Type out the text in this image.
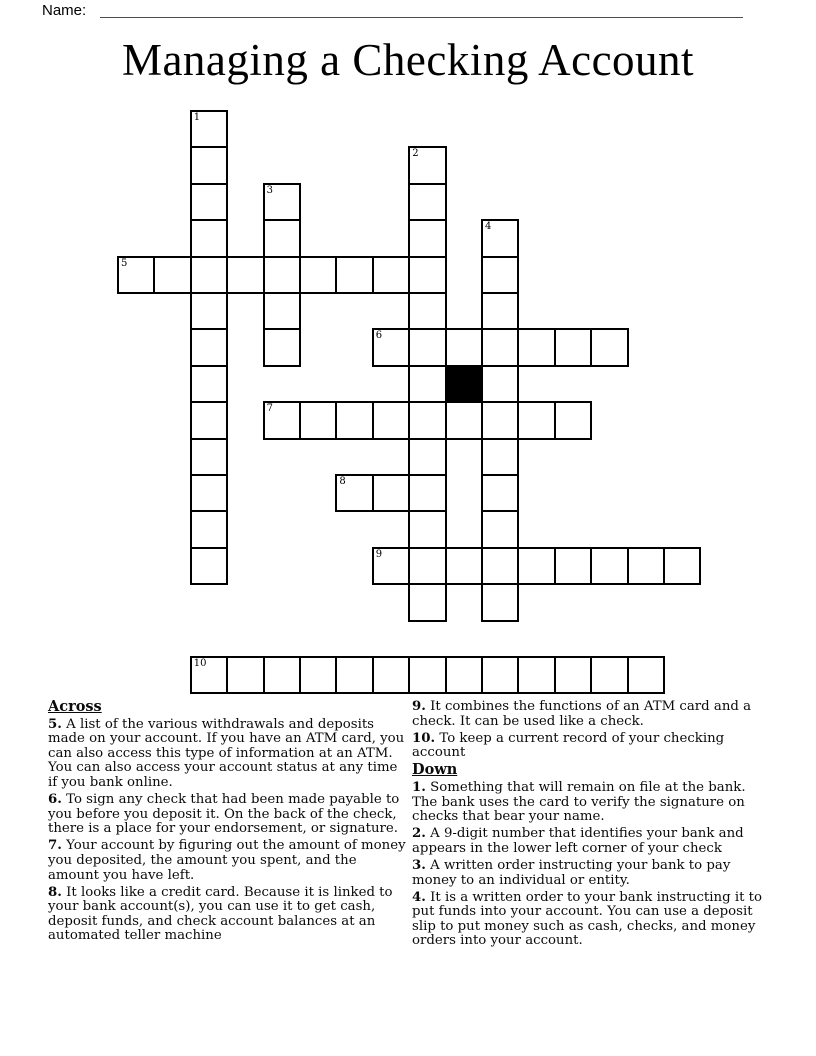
Name:
Managing a Checking Account
1
2
3
4
5
6
7
8
9
10
Across
5. A list of the various withdrawals and deposits made on your account. If you have an ATM card, you can also access this type of information at an ATM. You can also access your account status at any time if you bank online.
6. To sign any check that had been made payable to you before you deposit it. On the back of the check, there is a place for your endorsement, or signature.
7. Your account by figuring out the amount of money you deposited, the amount you spent, and the amount you have left.
8. It looks like a credit card. Because it is linked to your bank account(s), you can use it to get cash, deposit funds, and check account balances at an automated teller machine
9. It combines the functions of an ATM card and a check. It can be used like a check.
10. To keep a current record of your checking account
Down
1. Something that will remain on file at the bank. The bank uses the card to verify the signature on checks that bear your name.
2. A 9-digit number that identifies your bank and appears in the lower left corner of your check
3. A written order instructing your bank to pay money to an individual or entity.
4. It is a written order to your bank instructing it to put funds into your account. You can use a deposit slip to put money such as cash, checks, and money orders into your account.
